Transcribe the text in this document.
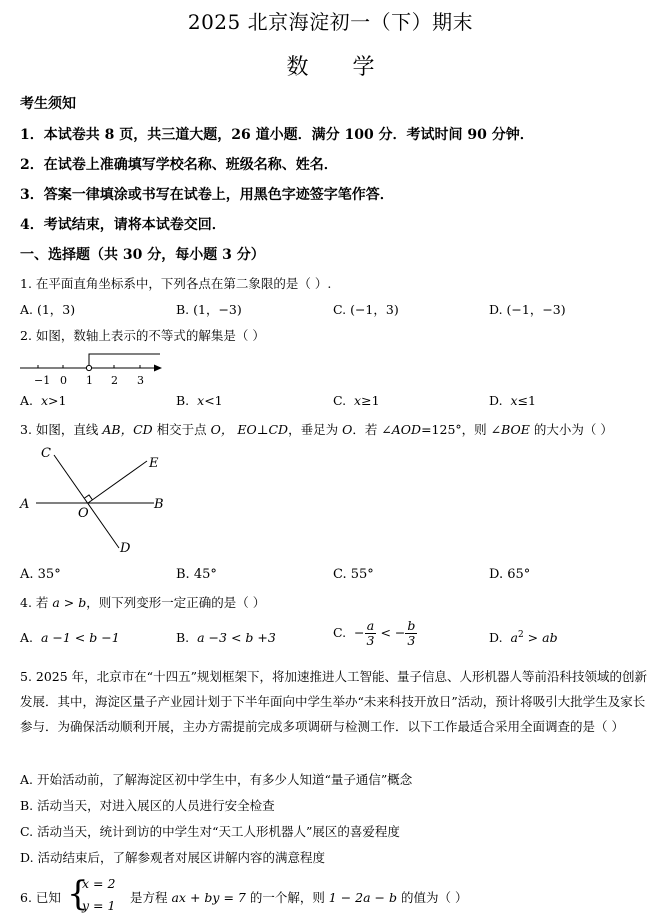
2025 北京海淀初一（下）期末
数 学
考生须知
1．本试卷共 8 页，共三道大题，26 道小题．满分 100 分．考试时间 90 分钟．
2．在试卷上准确填写学校名称、班级名称、姓名．
3．答案一律填涂或书写在试卷上，用黑色字迹签字笔作答．
4．考试结束，请将本试卷交回．
一、选择题（共 30 分，每小题 3 分）
1. 在平面直角坐标系中，下列各点在第二象限的是（ ）.
A. (1，3)	B. (1，−3)	C. (−1，3)	D. (−1，−3)
2. 如图，数轴上表示的不等式的解集是（ ）
−1 0 1 2 3
A. x>1	B. x<1	C. x≥1	D. x≤1
3. 如图，直线 AB，CD 相交于点 O， EO⊥CD，垂足为 O．若 ∠AOD=125°，则 ∠BOE 的大小为（ ）
C
E
A	B
O
D
A. 35°	B. 45°	C. 55°	D. 65°
4. 若 a > b，则下列变形一定正确的是（ ）
A. a −1 < b −1	B. a −3 < b +3	C. − $\frac{a}{3}$ < − $\frac{b}{3}$	D. $a^2$ > ab
5. 2025 年，北京市在“十四五”规划框架下，将加速推进人工智能、量子信息、人形机器人等前沿科技领域的创新发展．其中，海淀区量子产业园计划于下半年面向中学生举办“未来科技开放日”活动，预计将吸引大批学生及家长参与．为确保活动顺利开展，主办方需提前完成多项调研与检测工作．以下工作最适合采用全面调查的是（ ）
A. 开始活动前，了解海淀区初中学生中，有多少人知道“量子通信”概念
B. 活动当天，对进入展区的人员进行安全检查
C. 活动当天，统计到访的中学生对“天工人形机器人”展区的喜爱程度
D. 活动结束后，了解参观者对展区讲解内容的满意程度
6. 已知 {
x = 2
y = 1
是方程 ax + by = 7 的一个解，则 1 − 2a − b 的值为（ ）
